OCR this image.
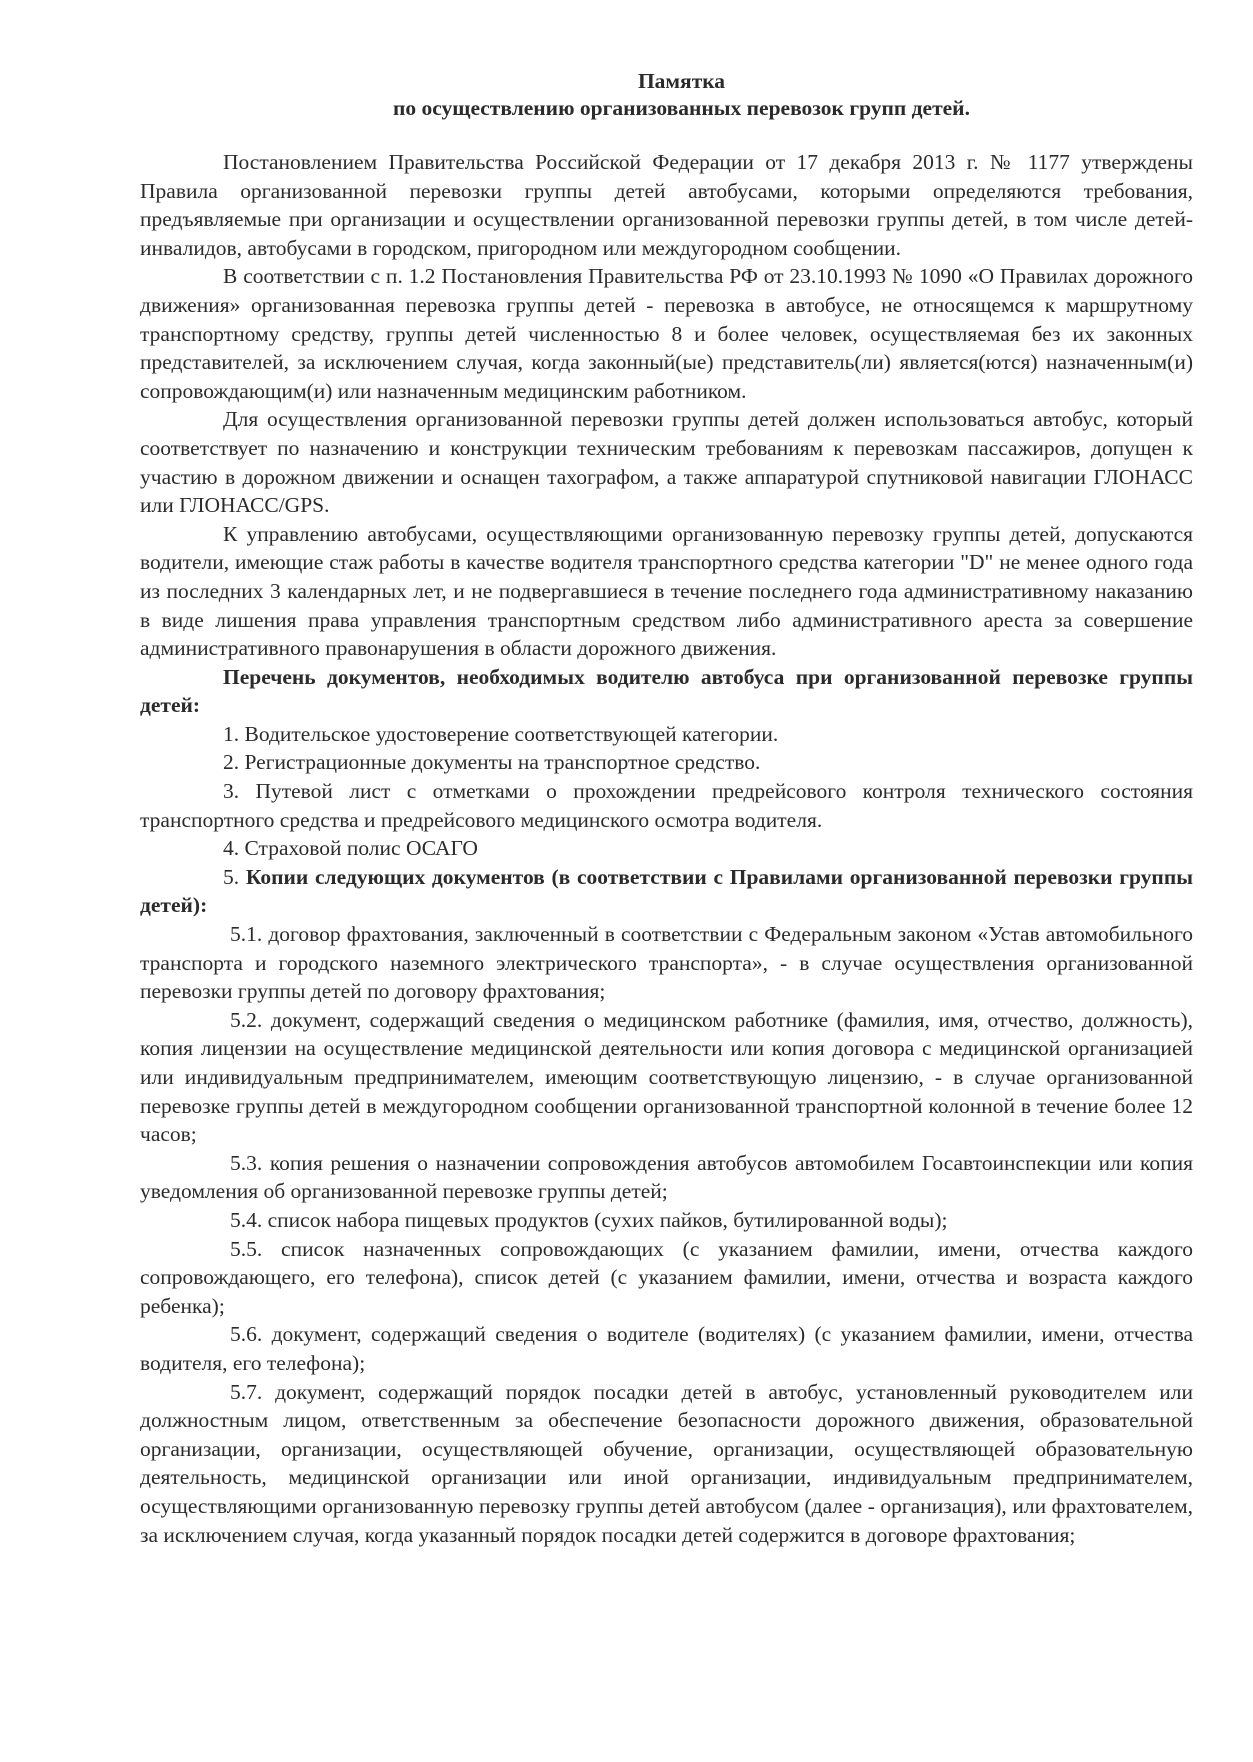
Памятка
по осуществлению организованных перевозок групп детей.

Постановлением Правительства Российской Федерации от 17 декабря 2013 г. № 1177 утверждены Правила организованной перевозки группы детей автобусами, которыми определяются требования, предъявляемые при организации и осуществлении организованной перевозки группы детей, в том числе детей-инвалидов, автобусами в городском, пригородном или междугородном сообщении.

В соответствии с п. 1.2 Постановления Правительства РФ от 23.10.1993 № 1090 «О Правилах дорожного движения» организованная перевозка группы детей - перевозка в автобусе, не относящемся к маршрутному транспортному средству, группы детей численностью 8 и более человек, осуществляемая без их законных представителей, за исключением случая, когда законный(ые) представитель(ли) является(ются) назначенным(и) сопровождающим(и) или назначенным медицинским работником.

Для осуществления организованной перевозки группы детей должен использоваться автобус, который соответствует по назначению и конструкции техническим требованиям к перевозкам пассажиров, допущен к участию в дорожном движении и оснащен тахографом, а также аппаратурой спутниковой навигации ГЛОНАСС или ГЛОНАСС/GPS.

К управлению автобусами, осуществляющими организованную перевозку группы детей, допускаются водители, имеющие стаж работы в качестве водителя транспортного средства категории "D" не менее одного года из последних 3 календарных лет, и не подвергавшиеся в течение последнего года административному наказанию в виде лишения права управления транспортным средством либо административного ареста за совершение административного правонарушения в области дорожного движения.

Перечень документов, необходимых водителю автобуса при организованной перевозке группы детей:

1. Водительское удостоверение соответствующей категории.

2. Регистрационные документы на транспортное средство.

3. Путевой лист с отметками о прохождении предрейсового контроля технического состояния транспортного средства и предрейсового медицинского осмотра водителя.

4. Страховой полис ОСАГО

5. Копии следующих документов (в соответствии с Правилами организованной перевозки группы детей):

5.1. договор фрахтования, заключенный в соответствии с Федеральным законом «Устав автомобильного транспорта и городского наземного электрического транспорта», - в случае осуществления организованной перевозки группы детей по договору фрахтования;

5.2. документ, содержащий сведения о медицинском работнике (фамилия, имя, отчество, должность), копия лицензии на осуществление медицинской деятельности или копия договора с медицинской организацией или индивидуальным предпринимателем, имеющим соответствующую лицензию, - в случае организованной перевозке группы детей в междугородном сообщении организованной транспортной колонной в течение более 12 часов;

5.3. копия решения о назначении сопровождения автобусов автомобилем Госавтоинспекции или копия уведомления об организованной перевозке группы детей;

5.4. список набора пищевых продуктов (сухих пайков, бутилированной воды);

5.5. список назначенных сопровождающих (с указанием фамилии, имени, отчества каждого сопровождающего, его телефона), список детей (с указанием фамилии, имени, отчества и возраста каждого ребенка);

5.6. документ, содержащий сведения о водителе (водителях) (с указанием фамилии, имени, отчества водителя, его телефона);

5.7. документ, содержащий порядок посадки детей в автобус, установленный руководителем или должностным лицом, ответственным за обеспечение безопасности дорожного движения, образовательной организации, организации, осуществляющей обучение, организации, осуществляющей образовательную деятельность, медицинской организации или иной организации, индивидуальным предпринимателем, осуществляющими организованную перевозку группы детей автобусом (далее - организация), или фрахтователем, за исключением случая, когда указанный порядок посадки детей содержится в договоре фрахтования;
